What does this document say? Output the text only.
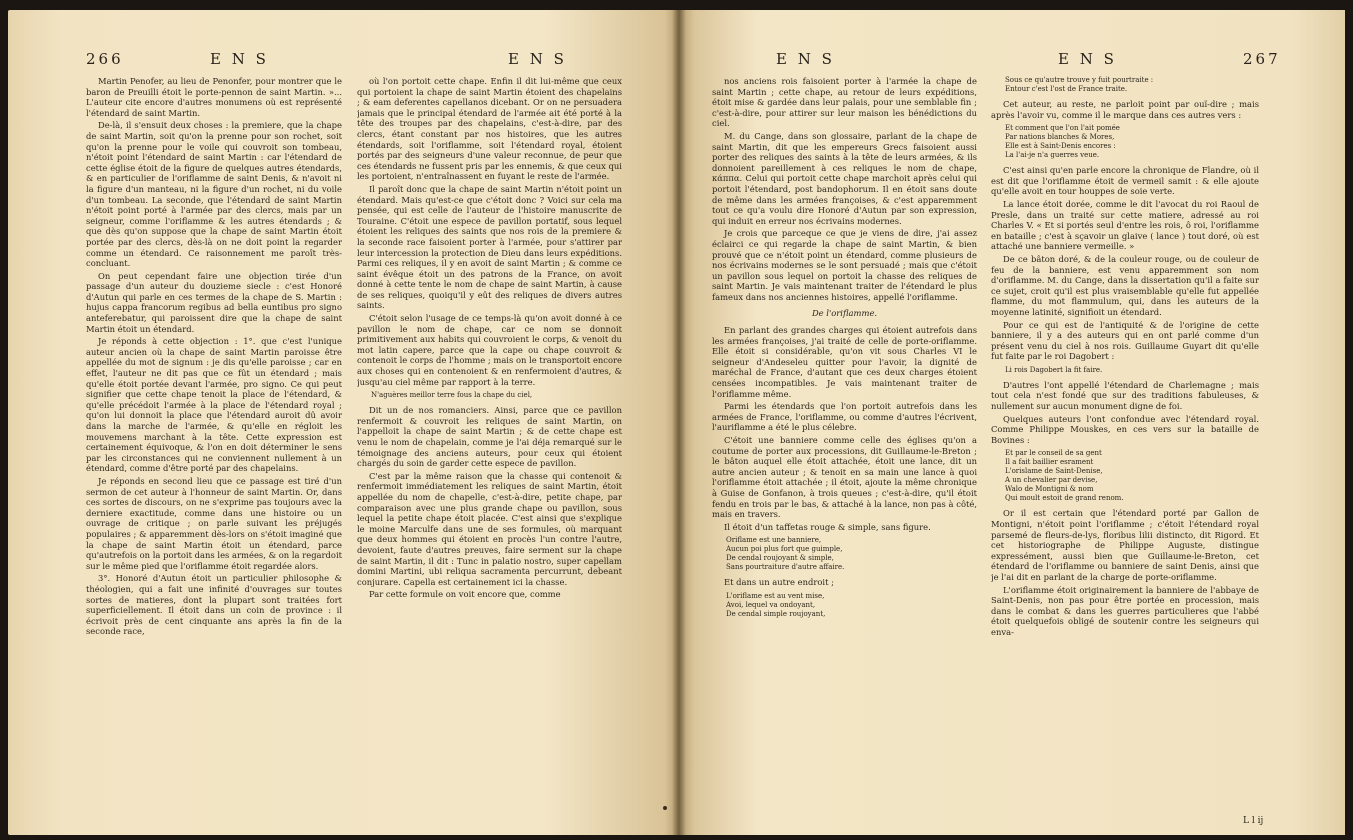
266	E N S	E N S

Martin Penofer, au lieu de Penonfer, pour montrer que le baron de Preuilli étoit le porte-pennon de saint Martin. »... L'auteur cite encore d'autres monumens où est représenté l'étendard de saint Martin.

De-là, il s'ensuit deux choses : la premiere, que la chape de saint Martin, soit qu'on la prenne pour son rochet, soit qu'on la prenne pour le voile qui couvroit son tombeau, n'étoit point l'étendard de saint Martin : car l'étendard de cette église étoit de la figure de quelques autres étendards, & en particulier de l'oriflamme de saint Denis, & n'avoit ni la figure d'un manteau, ni la figure d'un rochet, ni du voile d'un tombeau. La seconde, que l'étendard de saint Martin n'étoit point porté à l'armée par des clercs, mais par un seigneur, comme l'oriflamme & les autres étendards ; & que dès qu'on suppose que la chape de saint Martin étoit portée par des clercs, dès-là on ne doit point la regarder comme un étendard. Ce raisonnement me paroît très-concluant.

On peut cependant faire une objection tirée d'un passage d'un auteur du douzieme siecle : c'est Honoré d'Autun qui parle en ces termes de la chape de S. Martin : hujus cappa francorum regibus ad bella euntibus pro signo anteferebatur, qui paroissent dire que la chape de saint Martin étoit un étendard.

Je réponds à cette objection : 1°. que c'est l'unique auteur ancien où la chape de saint Martin paroisse être appellée du mot de signum : je dis qu'elle paroisse ; car en effet, l'auteur ne dit pas que ce fût un étendard ; mais qu'elle étoit portée devant l'armée, pro signo. Ce qui peut signifier que cette chape tenoit la place de l'étendard, & qu'elle précédoit l'armée à la place de l'étendard royal ; qu'on lui donnoit la place que l'étendard auroit dû avoir dans la marche de l'armée, & qu'elle en régloit les mouvemens marchant à la tête. Cette expression est certainement équivoque, & l'on en doit déterminer le sens par les circonstances qui ne conviennent nullement à un étendard, comme d'être porté par des chapelains.

Je réponds en second lieu que ce passage est tiré d'un sermon de cet auteur à l'honneur de saint Martin. Or, dans ces sortes de discours, on ne s'exprime pas toujours avec la derniere exactitude, comme dans une histoire ou un ouvrage de critique ; on parle suivant les préjugés populaires ; & apparemment dès-lors on s'étoit imaginé que la chape de saint Martin étoit un étendard, parce qu'autrefois on la portoit dans les armées, & on la regardoit sur le même pied que l'oriflamme étoit regardée alors.

3°. Honoré d'Autun étoit un particulier philosophe & théologien, qui a fait une infinité d'ouvrages sur toutes sortes de matieres, dont la plupart sont traitées fort superficiellement. Il étoit dans un coin de province : il écrivoit près de cent cinquante ans après la fin de la seconde race,

où l'on portoit cette chape. Enfin il dit lui-même que ceux qui portoient la chape de saint Martin étoient des chapelains ; & eam deferentes capellanos dicebant. Or on ne persuadera jamais que le principal étendard de l'armée ait été porté à la tête des troupes par des chapelains, c'est-à-dire, par des clercs, étant constant par nos histoires, que les autres étendards, soit l'oriflamme, soit l'étendard royal, étoient portés par des seigneurs d'une valeur reconnue, de peur que ces étendards ne fussent pris par les ennemis, & que ceux qui les portoient, n'entraînassent en fuyant le reste de l'armée.

Il paroît donc que la chape de saint Martin n'étoit point un étendard. Mais qu'est-ce que c'étoit donc ? Voici sur cela ma pensée, qui est celle de l'auteur de l'histoire manuscrite de Touraine. C'étoit une espece de pavillon portatif, sous lequel étoient les reliques des saints que nos rois de la premiere & la seconde race faisoient porter à l'armée, pour s'attirer par leur intercession la protection de Dieu dans leurs expéditions. Parmi ces reliques, il y en avoit de saint Martin ; & comme ce saint évêque étoit un des patrons de la France, on avoit donné à cette tente le nom de chape de saint Martin, à cause de ses reliques, quoiqu'il y eût des reliques de divers autres saints.

C'étoit selon l'usage de ce temps-là qu'on avoit donné à ce pavillon le nom de chape, car ce nom se donnoit primitivement aux habits qui couvroient le corps, & venoit du mot latin capere, parce que la cape ou chape couvroit & contenoit le corps de l'homme ; mais on le transportoit encore aux choses qui en contenoient & en renfermoient d'autres, & jusqu'au ciel même par rapport à la terre.

N'aguères meillor terre fous la chape du ciel,

Dit un de nos romanciers. Ainsi, parce que ce pavillon renfermoit & couvroit les reliques de saint Martin, on l'appelloit la chape de saint Martin ; & de cette chape est venu le nom de chapelain, comme je l'ai déja remarqué sur le témoignage des anciens auteurs, pour ceux qui étoient chargés du soin de garder cette espece de pavillon.

C'est par la même raison que la chasse qui contenoit & renfermoit immédiatement les reliques de saint Martin, étoit appellée du nom de chapelle, c'est-à-dire, petite chape, par comparaison avec une plus grande chape ou pavillon, sous lequel la petite chape étoit placée. C'est ainsi que s'explique le moine Marculfe dans une de ses formules, où marquant que deux hommes qui étoient en procès l'un contre l'autre, devoient, faute d'autres preuves, faire serment sur la chape de saint Martin, il dit : Tunc in palatio nostro, super capellam domini Martini, ubi reliqua sacramenta percurrunt, debeant conjurare. Capella est certainement ici la chasse.

Par cette formule on voit encore que, comme

E N S	E N S	267

nos anciens rois faisoient porter à l'armée la chape de saint Martin ; cette chape, au retour de leurs expéditions, étoit mise & gardée dans leur palais, pour une semblable fin ; c'est-à-dire, pour attirer sur leur maison les bénédictions du ciel.

M. du Cange, dans son glossaire, parlant de la chape de saint Martin, dit que les empereurs Grecs faisoient aussi porter des reliques des saints à la tête de leurs armées, & ils donnoient pareillement à ces reliques le nom de chape, κάππα. Celui qui portoit cette chape marchoit après celui qui portoit l'étendard, post bandophorum. Il en étoit sans doute de même dans les armées françoises, & c'est apparemment tout ce qu'a voulu dire Honoré d'Autun par son expression, qui induit en erreur nos écrivains modernes.

Je crois que parceque ce que je viens de dire, j'ai assez éclairci ce qui regarde la chape de saint Martin, & bien prouvé que ce n'étoit point un étendard, comme plusieurs de nos écrivains modernes se le sont persuadé ; mais que c'étoit un pavillon sous lequel on portoit la chasse des reliques de saint Martin. Je vais maintenant traiter de l'étendard le plus fameux dans nos anciennes histoires, appellé l'oriflamme.

De l'oriflamme.

En parlant des grandes charges qui étoient autrefois dans les armées françoises, j'ai traité de celle de porte-oriflamme. Elle étoit si considérable, qu'on vit sous Charles VI le seigneur d'Andeseleu quitter pour l'avoir, la dignité de maréchal de France, d'autant que ces deux charges étoient censées incompatibles. Je vais maintenant traiter de l'oriflamme même.

Parmi les étendards que l'on portoit autrefois dans les armées de France, l'oriflamme, ou comme d'autres l'écrivent, l'auriflamme a été le plus célebre.

C'étoit une banniere comme celle des églises qu'on a coutume de porter aux processions, dit Guillaume-le-Breton ; le bâton auquel elle étoit attachée, étoit une lance, dit un autre ancien auteur ; & tenoit en sa main une lance à quoi l'oriflamme étoit attachée ; il étoit, ajoute la même chronique à Guise de Gonfanon, à trois queues ; c'est-à-dire, qu'il étoit fendu en trois par le bas, & attaché à la lance, non pas à côté, mais en travers.

Il étoit d'un taffetas rouge & simple, sans figure.

Oriflame est une banniere,
Aucun poi plus fort que guimple,
De cendal roujoyant & simple,
Sans pourtraiture d'autre affaire.

Et dans un autre endroit ;

L'oriflame est au vent mise,
Avoi, lequel va ondoyant,
De cendal simple roujoyant,
Sous ce qu'autre trouve y fuit pourtraite :
Entour c'est l'ost de France traite.

Cet auteur, au reste, ne parloit point par ouï-dire ; mais après l'avoir vu, comme il le marque dans ces autres vers :

Et comment que l'on l'ait pomée
Par nations blanches & Mores,
Elle est à Saint-Denis encores :
La l'ai-je n'a guerres veue.

C'est ainsi qu'en parle encore la chronique de Flandre, où il est dit que l'oriflamme étoit de vermeil samit : & elle ajoute qu'elle avoit en tour houppes de soie verte.

La lance étoit dorée, comme le dit l'avocat du roi Raoul de Presle, dans un traité sur cette matiere, adressé au roi Charles V. « Et si portés seul d'entre les rois, ô roi, l'oriflamme en bataille ; c'est à sçavoir un glaive ( lance ) tout doré, où est attaché une banniere vermeille. »

De ce bâton doré, & de la couleur rouge, ou de couleur de feu de la banniere, est venu apparemment son nom d'oriflamme. M. du Cange, dans la dissertation qu'il a faite sur ce sujet, croit qu'il est plus vraisemblable qu'elle fut appellée flamme, du mot flammulum, qui, dans les auteurs de la moyenne latinité, signifioit un étendard.

Pour ce qui est de l'antiquité & de l'origine de cette banniere, il y a des auteurs qui en ont parlé comme d'un présent venu du ciel à nos rois. Guillaume Guyart dit qu'elle fut faite par le roi Dagobert :

Li rois Dagobert la fit faire.

D'autres l'ont appellé l'étendard de Charlemagne ; mais tout cela n'est fondé que sur des traditions fabuleuses, & nullement sur aucun monument digne de foi.

Quelques auteurs l'ont confondue avec l'étendard royal. Comme Philippe Mouskes, en ces vers sur la bataille de Bovines :

Et par le conseil de sa gent
Il a fait baillier esrament
L'orislame de Saint-Denise,
A un chevalier par devise,
Walo de Montigni & nom
Qui moult estoit de grand renom.

Or il est certain que l'étendard porté par Gallon de Montigni, n'étoit point l'oriflamme ; c'étoit l'étendard royal parsemé de fleurs-de-lys, floribus lilii distincto, dit Rigord. Et cet historiographe de Philippe Auguste, distingue expressément, aussi bien que Guillaume-le-Breton, cet étendard de l'oriflamme ou banniere de saint Denis, ainsi que je l'ai dit en parlant de la charge de porte-oriflamme.

L'oriflamme étoit originairement la banniere de l'abbaye de Saint-Denis, non pas pour être portée en procession, mais dans le combat & dans les guerres particulieres que l'abbé étoit quelquefois obligé de soutenir contre les seigneurs qui enva-

L l ij
